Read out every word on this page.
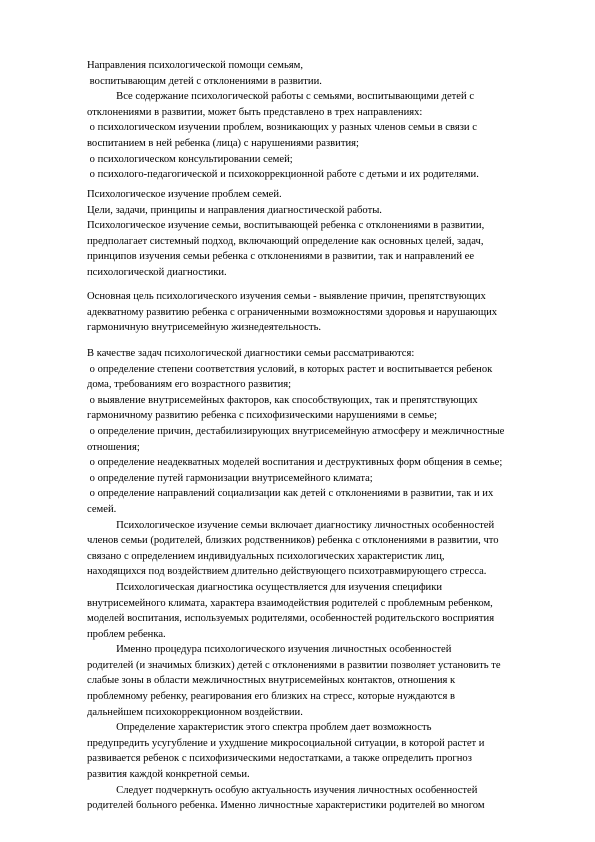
Направления психологической помощи семьям,
воспитывающим детей с отклонениями в развитии.
Все содержание психологической работы с семьями, воспитывающими детей с
отклонениями в развитии, может быть представлено в трех направлениях:
о психологическом изучении проблем, возникающих у разных членов семьи в связи с
воспитанием в ней ребенка (лица) с нарушениями развития;
о психологическом консультировании семей;
о психолого-педагогической и психокоррекционной работе с детьми и их родителями.
Психологическое изучение проблем семей.
Цели, задачи, принципы и направления диагностической работы.
Психологическое изучение семьи, воспитывающей ребенка с отклонениями в развитии,
предполагает системный подход, включающий определение как основных целей, задач,
принципов изучения семьи ребенка с отклонениями в развитии, так и направлений ее
психологической диагностики.
Основная цель психологического изучения семьи - выявление причин, препятствующих
адекватному развитию ребенка с ограниченными возможностями здоровья и нарушающих
гармоничную внутрисемейную жизнедеятельность.
В качестве задач психологической диагностики семьи рассматриваются:
о определение степени соответствия условий, в которых растет и воспитывается ребенок
дома, требованиям его возрастного развития;
о выявление внутрисемейных факторов, как способствующих, так и препятствующих
гармоничному развитию ребенка с психофизическими нарушениями в семье;
о определение причин, дестабилизирующих внутрисемейную атмосферу и межличностные
отношения;
о определение неадекватных моделей воспитания и деструктивных форм общения в семье;
о определение путей гармонизации внутрисемейного климата;
о определение направлений социализации как детей с отклонениями в развитии, так и их
семей.
Психологическое изучение семьи включает диагностику личностных особенностей
членов семьи (родителей, близких родственников) ребенка с отклонениями в развитии, что
связано с определением индивидуальных психологических характеристик лиц,
находящихся под воздействием длительно действующего психотравмирующего стресса.
Психологическая диагностика осуществляется для изучения специфики
внутрисемейного климата, характера взаимодействия родителей с проблемным ребенком,
моделей воспитания, используемых родителями, особенностей родительского восприятия
проблем ребенка.
Именно процедура психологического изучения личностных особенностей
родителей (и значимых близких) детей с отклонениями в развитии позволяет установить те
слабые зоны в области межличностных внутрисемейных контактов, отношения к
проблемному ребенку, реагирования его близких на стресс, которые нуждаются в
дальнейшем психокоррекционном воздействии.
Определение характеристик этого спектра проблем дает возможность
предупредить усугубление и ухудшение микросоциальной ситуации, в которой растет и
развивается ребенок с психофизическими недостатками, а также определить прогноз
развития каждой конкретной семьи.
Следует подчеркнуть особую актуальность изучения личностных особенностей
родителей больного ребенка. Именно личностные характеристики родителей во многом
